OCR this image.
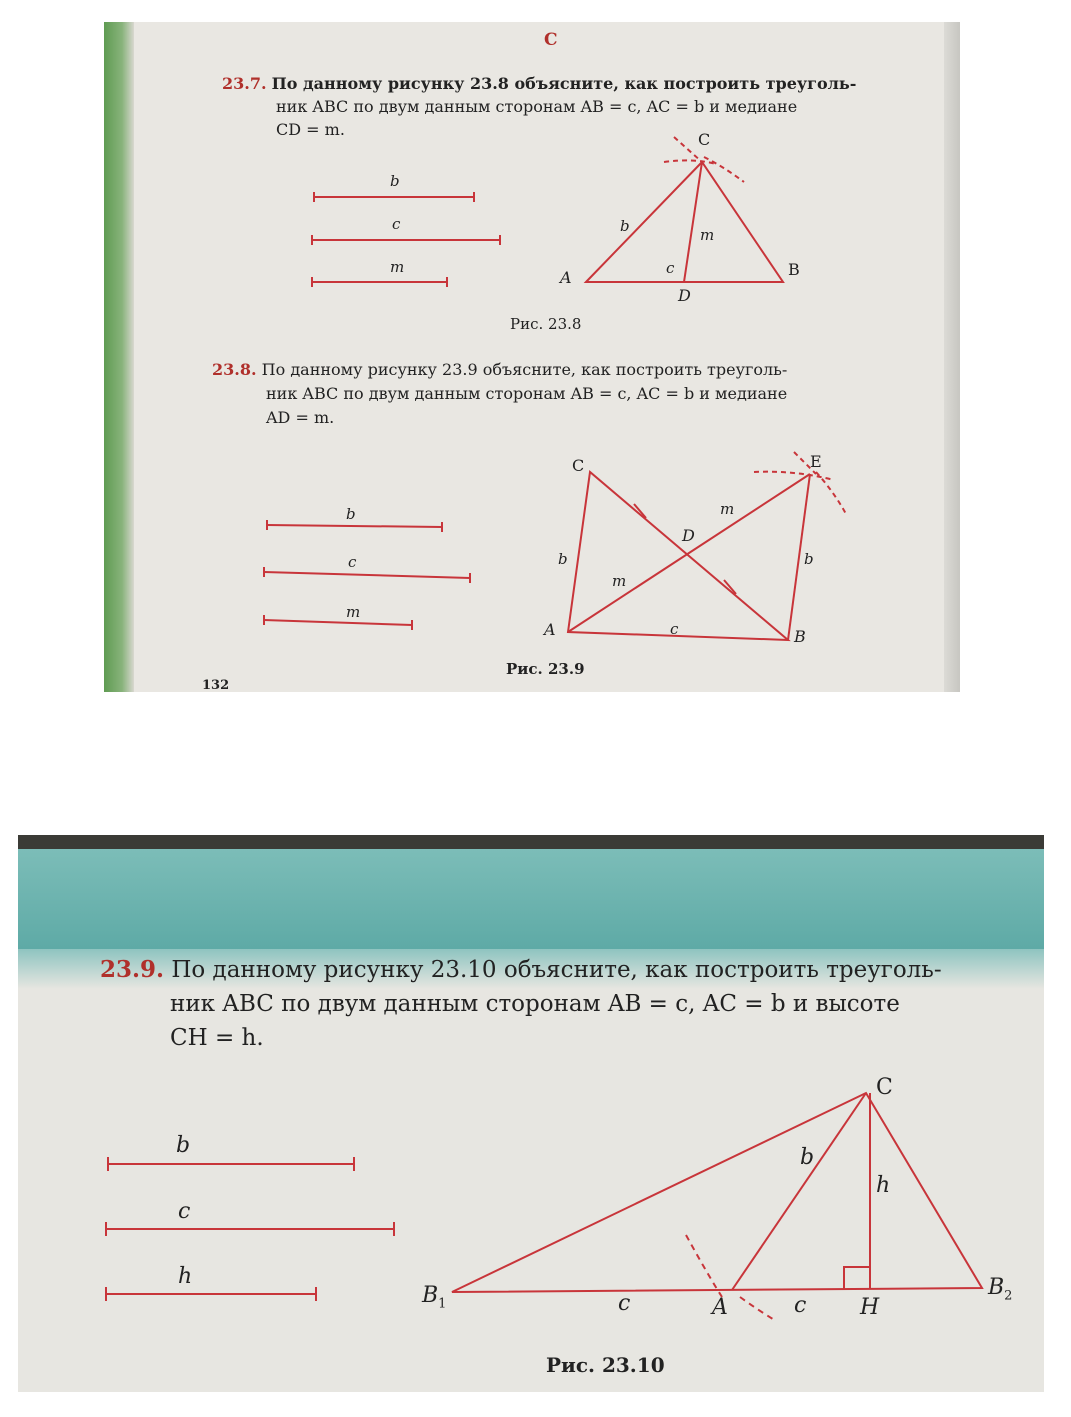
С
23.7. По данному рисунку 23.8 объясните, как построить треуголь-
ник ABC по двум данным сторонам AB = c, AC = b и медиане
CD = m.
b
c
m
C
A	B
D
b	m
c
Рис. 23.8
23.8. По данному рисунку 23.9 объясните, как построить треуголь-
ник ABC по двум данным сторонам AB = c, AC = b и медиане
AD = m.
b
c
m
C	E
D
A	B
m
b
m
b
c
Рис. 23.9
132
23.9. По данному рисунку 23.10 объясните, как построить треуголь-
ник ABC по двум данным сторонам AB = c, AC = b и высоте
CH = h.
b
c
h
C
$B_1$	A	H
$B_2$
b
h
c	c
Рис. 23.10
